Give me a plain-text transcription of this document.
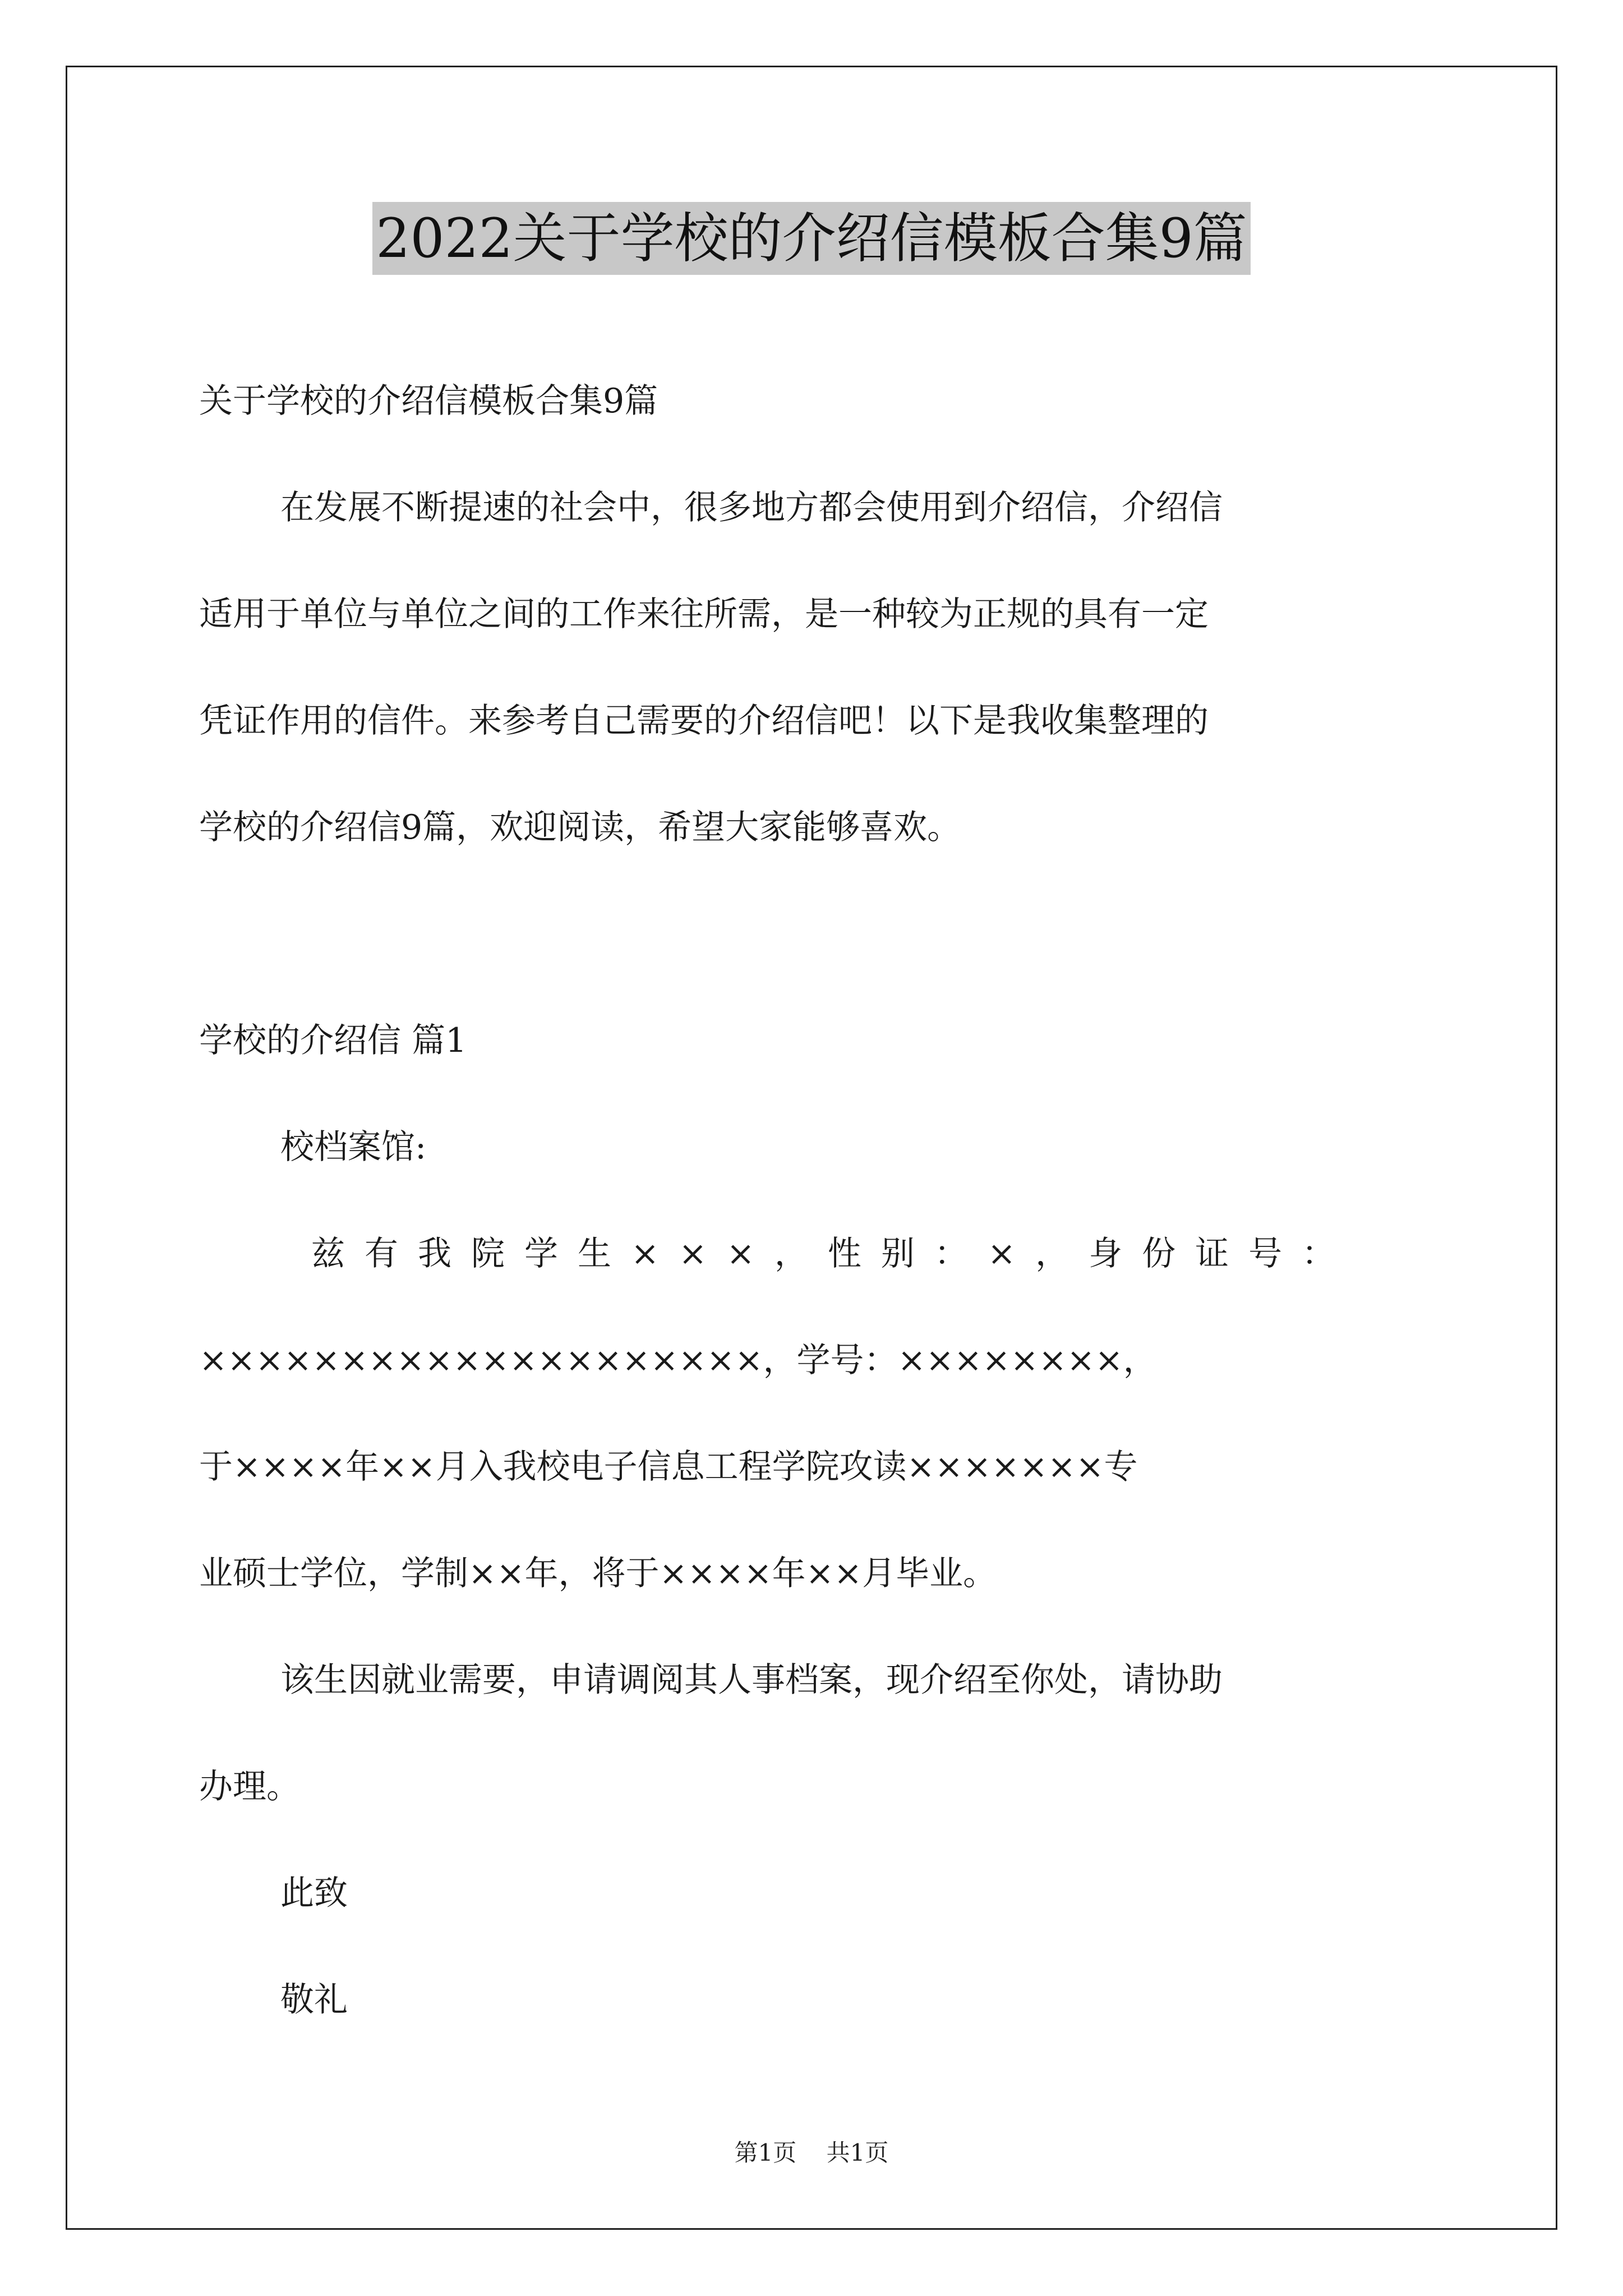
2022关于学校的介绍信模板合集9篇

关于学校的介绍信模板合集9篇

在发展不断提速的社会中，很多地方都会使用到介绍信，介绍信

适用于单位与单位之间的工作来往所需，是一种较为正规的具有一定

凭证作用的信件。来参考自己需要的介绍信吧！以下是我收集整理的

学校的介绍信9篇，欢迎阅读，希望大家能够喜欢。

学校的介绍信 篇1

校档案馆:

兹有我院学生×××，性别：×，身份证号：

××××××××××××××××××××，学号：××××××××，

于××××年××月入我校电子信息工程学院攻读×××××××专

业硕士学位，学制××年，将于××××年××月毕业。

该生因就业需要，申请调阅其人事档案，现介绍至你处，请协助

办理。

此致

敬礼

第1页 共1页
